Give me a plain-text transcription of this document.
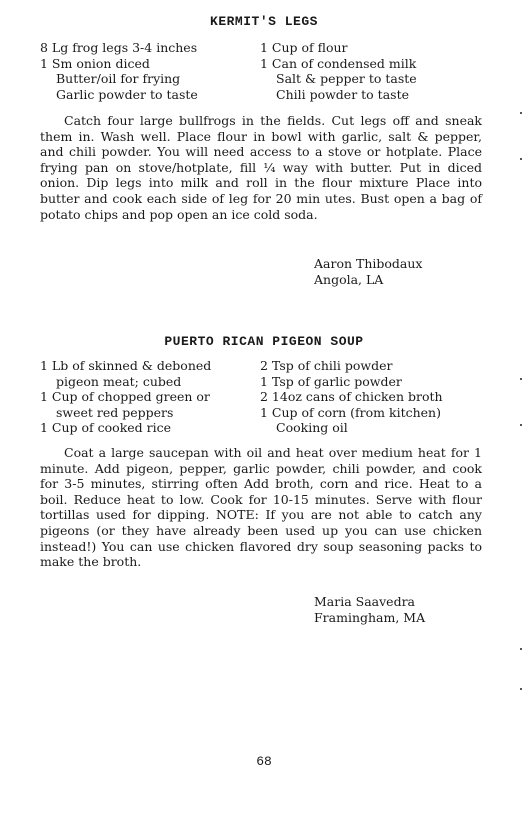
KERMIT'S LEGS
8 Lg frog legs 3-4 inches
1 Sm onion diced
Butter/oil for frying
Garlic powder to taste
1 Cup of flour
1 Can of condensed milk
Salt & pepper to taste
Chili powder to taste

Catch four large bullfrogs in the fields. Cut legs off and sneak them in. Wash well. Place flour in bowl with garlic, salt & pepper, and chili powder. You will need access to a stove or hotplate. Place frying pan on stove/hotplate, fill ¼ way with butter. Put in diced onion. Dip legs into milk and roll in the flour mixture Place into butter and cook each side of leg for 20 min utes. Bust open a bag of potato chips and pop open an ice cold soda.

Aaron Thibodaux
Angola, LA
PUERTO RICAN PIGEON SOUP
1 Lb of skinned & deboned
pigeon meat; cubed
1 Cup of chopped green or
sweet red peppers
1 Cup of cooked rice
2 Tsp of chili powder
1 Tsp of garlic powder
2 14oz cans of chicken broth
1 Cup of corn (from kitchen)
Cooking oil

Coat a large saucepan with oil and heat over medium heat for 1 minute. Add pigeon, pepper, garlic powder, chili powder, and cook for 3-5 minutes, stirring often Add broth, corn and rice. Heat to a boil. Reduce heat to low. Cook for 10-15 minutes. Serve with flour tortillas used for dipping. NOTE: If you are not able to catch any pigeons (or they have already been used up you can use chicken instead!) You can use chicken flavored dry soup seasoning packs to make the broth.

Maria Saavedra
Framingham, MA
68
